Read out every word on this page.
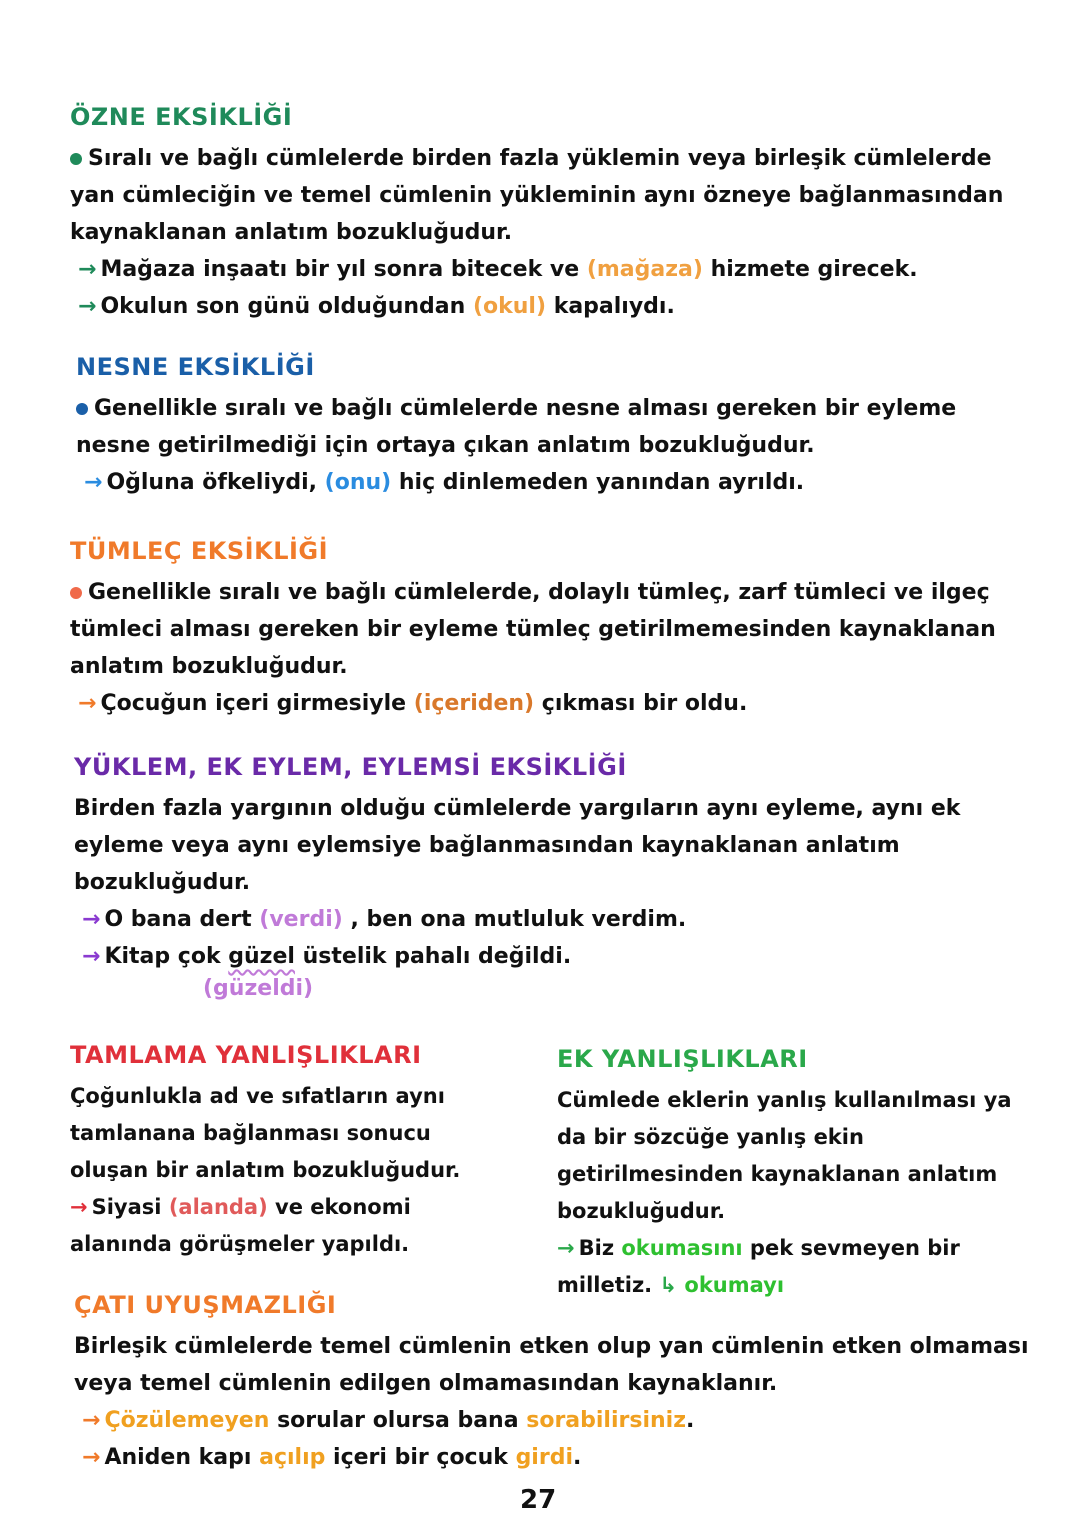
ÖZNE EKSİKLİĞİ

Sıralı ve bağlı cümlelerde birden fazla yüklemin veya birleşik cümlelerde yan cümleciğin ve temel cümlenin yükleminin aynı özneye bağlanmasından kaynaklanan anlatım bozukluğudur.

→ Mağaza inşaatı bir yıl sonra bitecek ve (mağaza) hizmete girecek.

→ Okulun son günü olduğundan (okul) kapalıydı.

NESNE EKSİKLİĞİ

Genellikle sıralı ve bağlı cümlelerde nesne alması gereken bir eyleme nesne getirilmediği için ortaya çıkan anlatım bozukluğudur.

→ Oğluna öfkeliydi, (onu) hiç dinlemeden yanından ayrıldı.

TÜMLEÇ EKSİKLİĞİ

Genellikle sıralı ve bağlı cümlelerde, dolaylı tümleç, zarf tümleci ve ilgeç tümleci alması gereken bir eyleme tümleç getirilmemesinden kaynaklanan anlatım bozukluğudur.

→ Çocuğun içeri girmesiyle (içeriden) çıkması bir oldu.

YÜKLEM, EK EYLEM, EYLEMSİ EKSİKLİĞİ

Birden fazla yargının olduğu cümlelerde yargıların aynı eyleme, aynı ek eyleme veya aynı eylemsiye bağlanmasından kaynaklanan anlatım bozukluğudur.

→ O bana dert (verdi) , ben ona mutluluk verdim.

→ Kitap çok güzel üstelik pahalı değildi.

(güzeldi)
TAMLAMA YANLIŞLIKLARI

Çoğunlukla ad ve sıfatların aynı tamlanana bağlanması sonucu oluşan bir anlatım bozukluğudur.

→ Siyasi (alanda) ve ekonomi alanında görüşmeler yapıldı.

EK YANLIŞLIKLARI

Cümlede eklerin yanlış kullanılması ya da bir sözcüğe yanlış ekin getirilmesinden kaynaklanan anlatım bozukluğudur.

→ Biz okumasını pek sevmeyen bir milletiz. ↳ okumayı

ÇATI UYUŞMAZLIĞI

Birleşik cümlelerde temel cümlenin etken olup yan cümlenin etken olmaması veya temel cümlenin edilgen olmamasından kaynaklanır.

→ Çözülemeyen sorular olursa bana sorabilirsiniz.

→ Aniden kapı açılıp içeri bir çocuk girdi.

27
